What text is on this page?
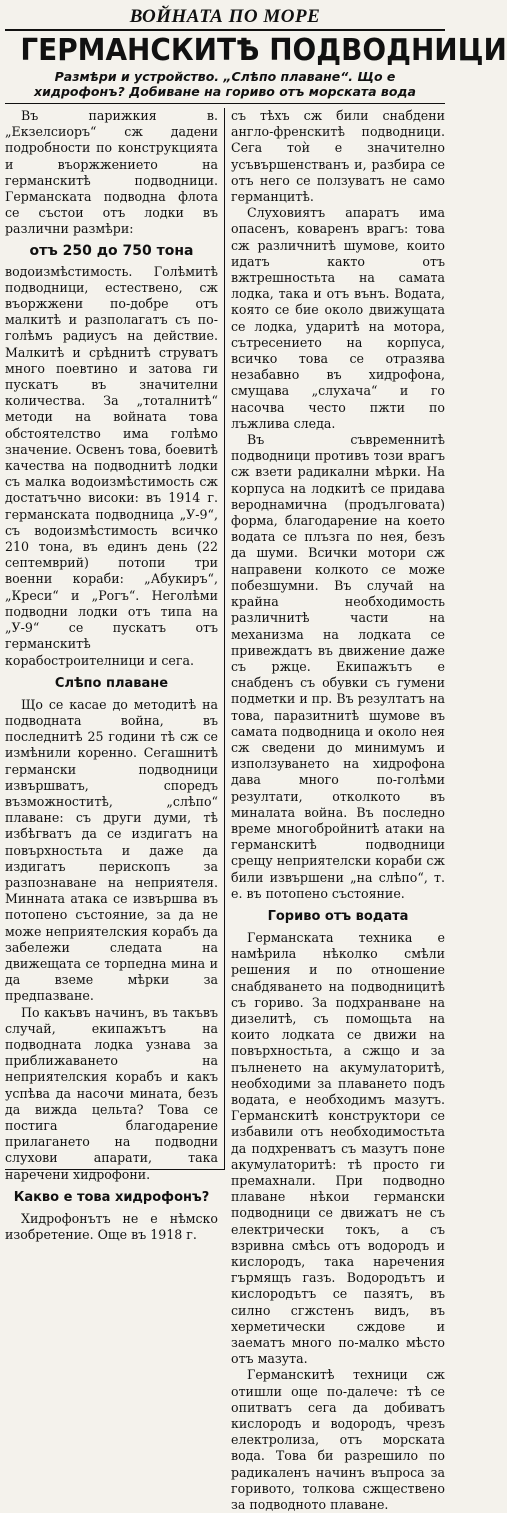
ВОЙНАТА ПО МОРЕ
ГЕРМАНСКИТѢ ПОДВОДНИЦИ
Размѣри и устройство. „Слѣпо плаване“. Що е хидрофонъ? Добиване на гориво отъ морската вода

Въ парижкия в. „Екзелсиоръ“ сж дадени подробности по конструкцията и въоржжението на германскитѣ подводници. Германската подводна флота се състои отъ лодки въ различни размѣри:

отъ 250 до 750 тона

водоизмѣстимость. Голѣмитѣ подводници, естествено, сж въоржжени по-добре отъ малкитѣ и разполагатъ съ по-голѣмъ радиусъ на действие. Малкитѣ и срѣднитѣ струватъ много поевтино и затова ги пускатъ въ значителни количества. За „тоталнитѣ“ методи на войната това обстоятелство има голѣмо значение. Освенъ това, боевитѣ качества на подводнитѣ лодки съ малка водоизмѣстимость сж достатъчно високи: въ 1914 г. германската подводница „У-9“, съ водоизмѣстимость всичко 210 тона, въ единъ день (22 септемврий) потопи три военни кораби: „Абукиръ“, „Креси“ и „Рогъ“. Неголѣми подводни лодки отъ типа на „У-9“ се пускатъ отъ германскитѣ корабостроителници и сега.

Слѣпо плаване

Що се касае до методитѣ на подводната война, въ последнитѣ 25 години тѣ сж се измѣнили коренно. Сегашнитѣ германски подводници извършватъ, споредъ възможноститѣ, „слѣпо“ плаване: съ други думи, тѣ избѣгватъ да се издигатъ на повърхностьта и даже да издигатъ перископъ за разпознаване на неприятеля. Минната атака се извършва въ потопено състояние, за да не може неприятелския корабъ да забележи следата на движещата се торпедна мина и да вземе мѣрки за предпазване.

По какъвъ начинъ, въ такъвъ случай, екипажътъ на подводната лодка узнава за приближаването на неприятелския корабъ и какъ успѣва да насочи мината, безъ да вижда цельта? Това се постига благодарение прилагането на подводни слухови апарати, така наречени хидрофони.

Какво е това хидрофонъ?

Хидрофонътъ не е нѣмско изобретение. Още въ 1918 г.

съ тѣхъ сж били снабдени англо-френскитѣ подводници. Сега тоѝ е значително усъвършенстванъ и, разбира се отъ него се ползуватъ не само германцитѣ.

Слуховиятъ апаратъ има опасенъ, коваренъ врагъ: това сж различнитѣ шумове, които идатъ както отъ вжтрешностьта на самата лодка, така и отъ вънъ. Водата, която се бие около движущата се лодка, ударитѣ на мотора, сътресението на корпуса, всичко това се отразява незабавно въ хидрофона, смущава „слухача“ и го насочва често пжти по лъжлива следа.

Въ съвременнитѣ подводници противъ този врагъ сж взети радикални мѣрки. На корпуса на лодкитѣ се придава вероднамична (продълговата) форма, благодарение на което водата се плъзга по нея, безъ да шуми. Всички мотори сж направени колкото се може побезшумни. Въ случай на крайна необходимость различнитѣ части на механизма на лодката се привеждатъ въ движение даже съ ржце. Екипажътъ е снабденъ съ обувки съ гумени подметки и пр. Въ резултатъ на това, паразитнитѣ шумове въ самата подводница и около нея сж сведени до минимумъ и използуването на хидрофона дава много по-голѣми резултати, отколкото въ миналата война. Въ последно време многобройнитѣ атаки на германскитѣ подводници срещу неприятелски кораби сж били извършени „на слѣпо“, т. е. въ потопено състояние.

Гориво отъ водата

Германската техника е намѣрила нѣколко смѣли решения и по отношение снабдяването на подводницитѣ съ гориво. За подхранване на дизелитѣ, съ помощьта на които лодката се движи на повърхностьта, а сжщо и за пълненето на акумулаторитѣ, необходими за плаването подъ водата, е необходимъ мазутъ. Германскитѣ конструктори се избавили отъ необходимостьта да подхрeнватъ съ мазутъ поне акумулаторитѣ: тѣ просто ги премахнали. При подводно плаване нѣкои германски подводници се движатъ не съ електрически токъ, а съ взривна смѣсь отъ водородъ и кислородъ, така наречения гърмящъ газъ. Водородътъ и кислородътъ се пазятъ, въ силно сгжстенъ видъ, въ херметически сждове и заематъ много по-малко мѣсто отъ мазута.

Германскитѣ техници сж отишли още по-далече: тѣ се опитватъ сега да добиватъ кислородъ и водородъ, чрезъ електролиза, отъ морската вода. Това би разрешило по радикаленъ начинъ въпроса за горивото, толкова сжществено за подводното плаване.
